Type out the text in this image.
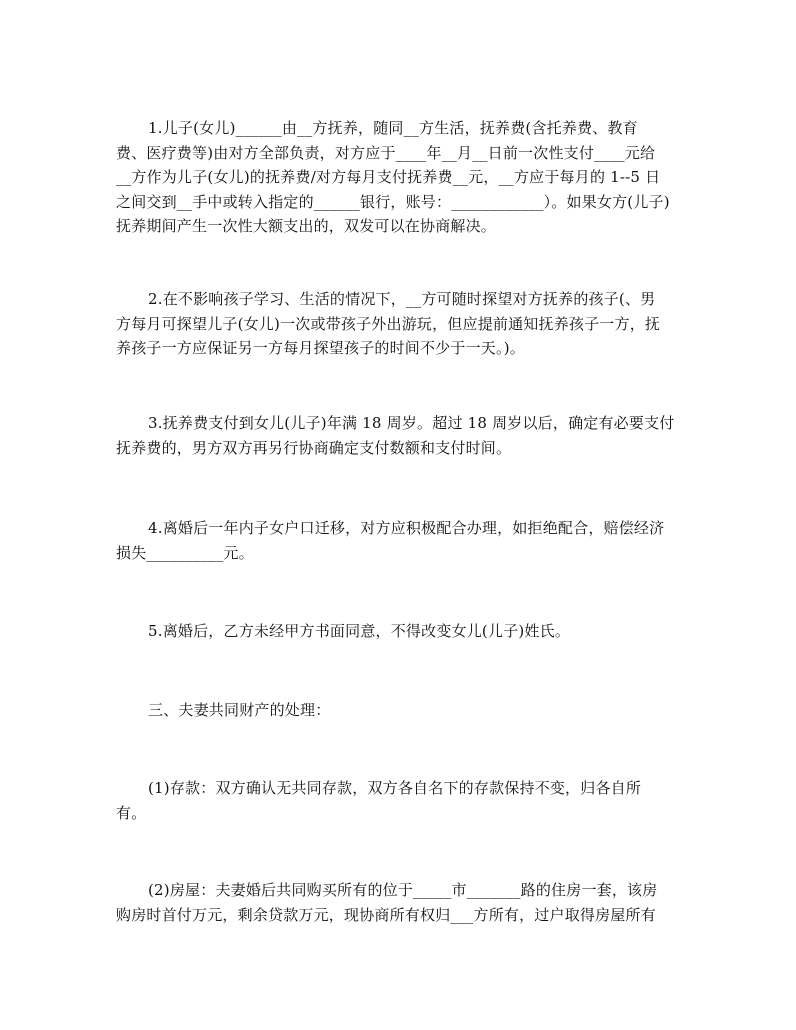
1.儿子(女儿)______由__方抚养，随同__方生活，抚养费(含托养费、教育
费、医疗费等)由对方全部负责，对方应于____年__月__日前一次性支付____元给
__方作为儿子(女儿)的抚养费/对方每月支付抚养费__元，__方应于每月的 1--5 日
之间交到__手中或转入指定的______银行，账号：____________）。如果女方(儿子)
抚养期间产生一次性大额支出的，双发可以在协商解决。
2.在不影响孩子学习、生活的情况下，__方可随时探望对方抚养的孩子(、男
方每月可探望儿子(女儿)一次或带孩子外出游玩，但应提前通知抚养孩子一方，抚
养孩子一方应保证另一方每月探望孩子的时间不少于一天。)。
3.抚养费支付到女儿(儿子)年满 18 周岁。超过 18 周岁以后，确定有必要支付
抚养费的，男方双方再另行协商确定支付数额和支付时间。
4.离婚后一年内子女户口迁移，对方应积极配合办理，如拒绝配合，赔偿经济
损失__________元。
5.离婚后，乙方未经甲方书面同意，不得改变女儿(儿子)姓氏。
三、夫妻共同财产的处理：
(1)存款：双方确认无共同存款，双方各自名下的存款保持不变，归各自所
有。
(2)房屋：夫妻婚后共同购买所有的位于_____市_______路的住房一套，该房
购房时首付万元，剩余贷款万元，现协商所有权归___方所有，过户取得房屋所有
